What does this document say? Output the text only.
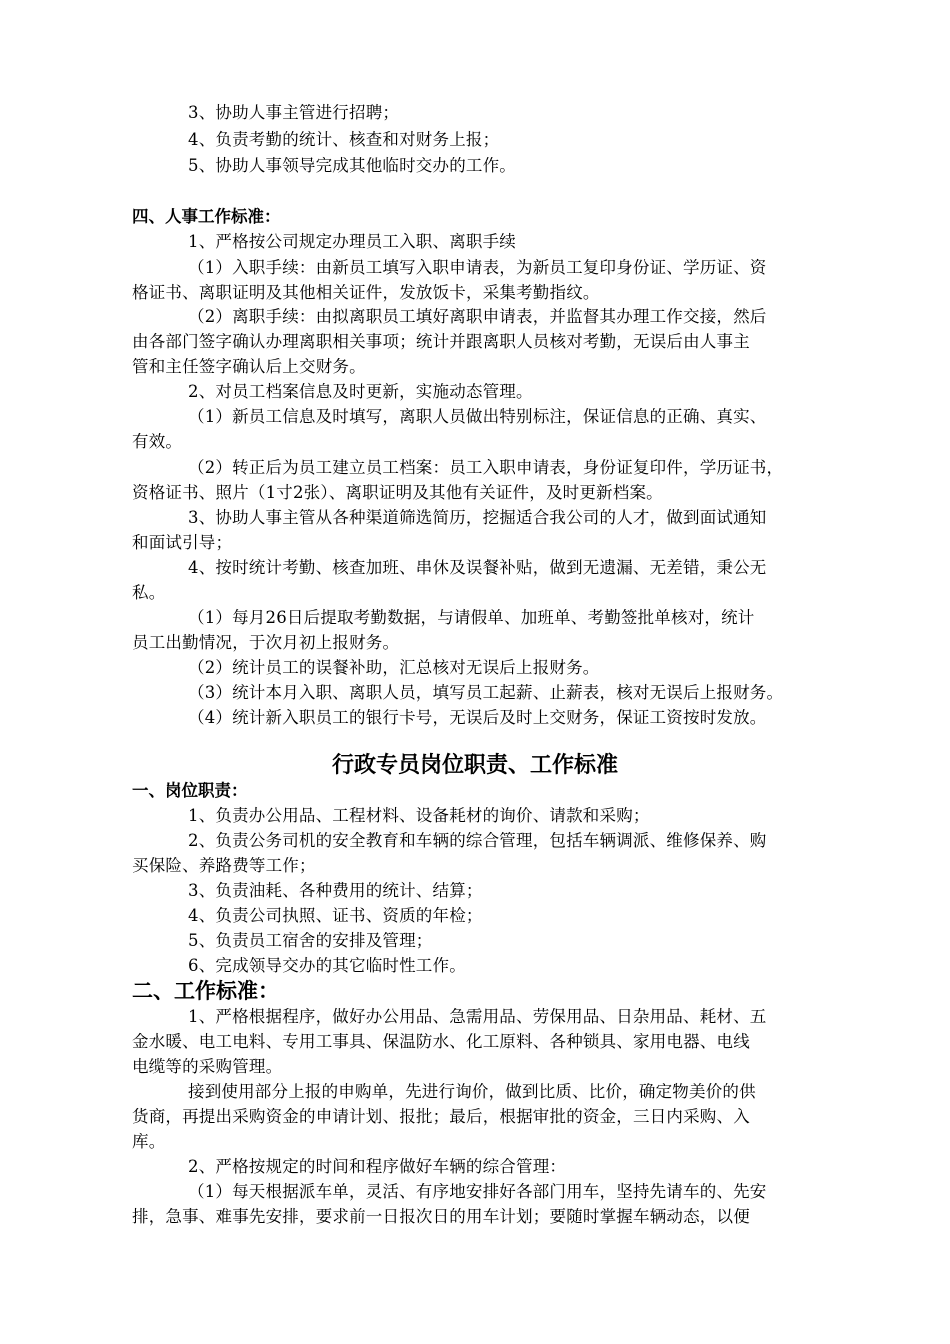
3、协助人事主管进行招聘；
4、负责考勤的统计、核查和对财务上报；
5、协助人事领导完成其他临时交办的工作。
四、人事工作标准：
1、严格按公司规定办理员工入职、离职手续
（1）入职手续：由新员工填写入职申请表，为新员工复印身份证、学历证、资
格证书、离职证明及其他相关证件，发放饭卡，采集考勤指纹。
（2）离职手续：由拟离职员工填好离职申请表，并监督其办理工作交接，然后
由各部门签字确认办理离职相关事项；统计并跟离职人员核对考勤，无误后由人事主
管和主任签字确认后上交财务。
2、对员工档案信息及时更新，实施动态管理。
（1）新员工信息及时填写，离职人员做出特别标注，保证信息的正确、真实、
有效。
（2）转正后为员工建立员工档案：员工入职申请表，身份证复印件，学历证书，
资格证书、照片（1寸2张）、离职证明及其他有关证件，及时更新档案。
3、协助人事主管从各种渠道筛选简历，挖掘适合我公司的人才，做到面试通知
和面试引导；
4、按时统计考勤、核查加班、串休及误餐补贴，做到无遗漏、无差错，秉公无
私。
（1）每月26日后提取考勤数据，与请假单、加班单、考勤签批单核对，统计
员工出勤情况，于次月初上报财务。
（2）统计员工的误餐补助，汇总核对无误后上报财务。
（3）统计本月入职、离职人员，填写员工起薪、止薪表，核对无误后上报财务。
（4）统计新入职员工的银行卡号，无误后及时上交财务，保证工资按时发放。
行政专员岗位职责、工作标准
一、岗位职责：
1、负责办公用品、工程材料、设备耗材的询价、请款和采购；
2、负责公务司机的安全教育和车辆的综合管理，包括车辆调派、维修保养、购
买保险、养路费等工作；
3、负责油耗、各种费用的统计、结算；
4、负责公司执照、证书、资质的年检；
5、负责员工宿舍的安排及管理；
6、完成领导交办的其它临时性工作。
二、工作标准：
1、严格根据程序，做好办公用品、急需用品、劳保用品、日杂用品、耗材、五
金水暖、电工电料、专用工事具、保温防水、化工原料、各种锁具、家用电器、电线
电缆等的采购管理。
接到使用部分上报的申购单，先进行询价，做到比质、比价，确定物美价的供
货商，再提出采购资金的申请计划、报批；最后，根据审批的资金，三日内采购、入
库。
2、严格按规定的时间和程序做好车辆的综合管理：
（1）每天根据派车单，灵活、有序地安排好各部门用车，坚持先请车的、先安
排，急事、难事先安排，要求前一日报次日的用车计划；要随时掌握车辆动态，以便
